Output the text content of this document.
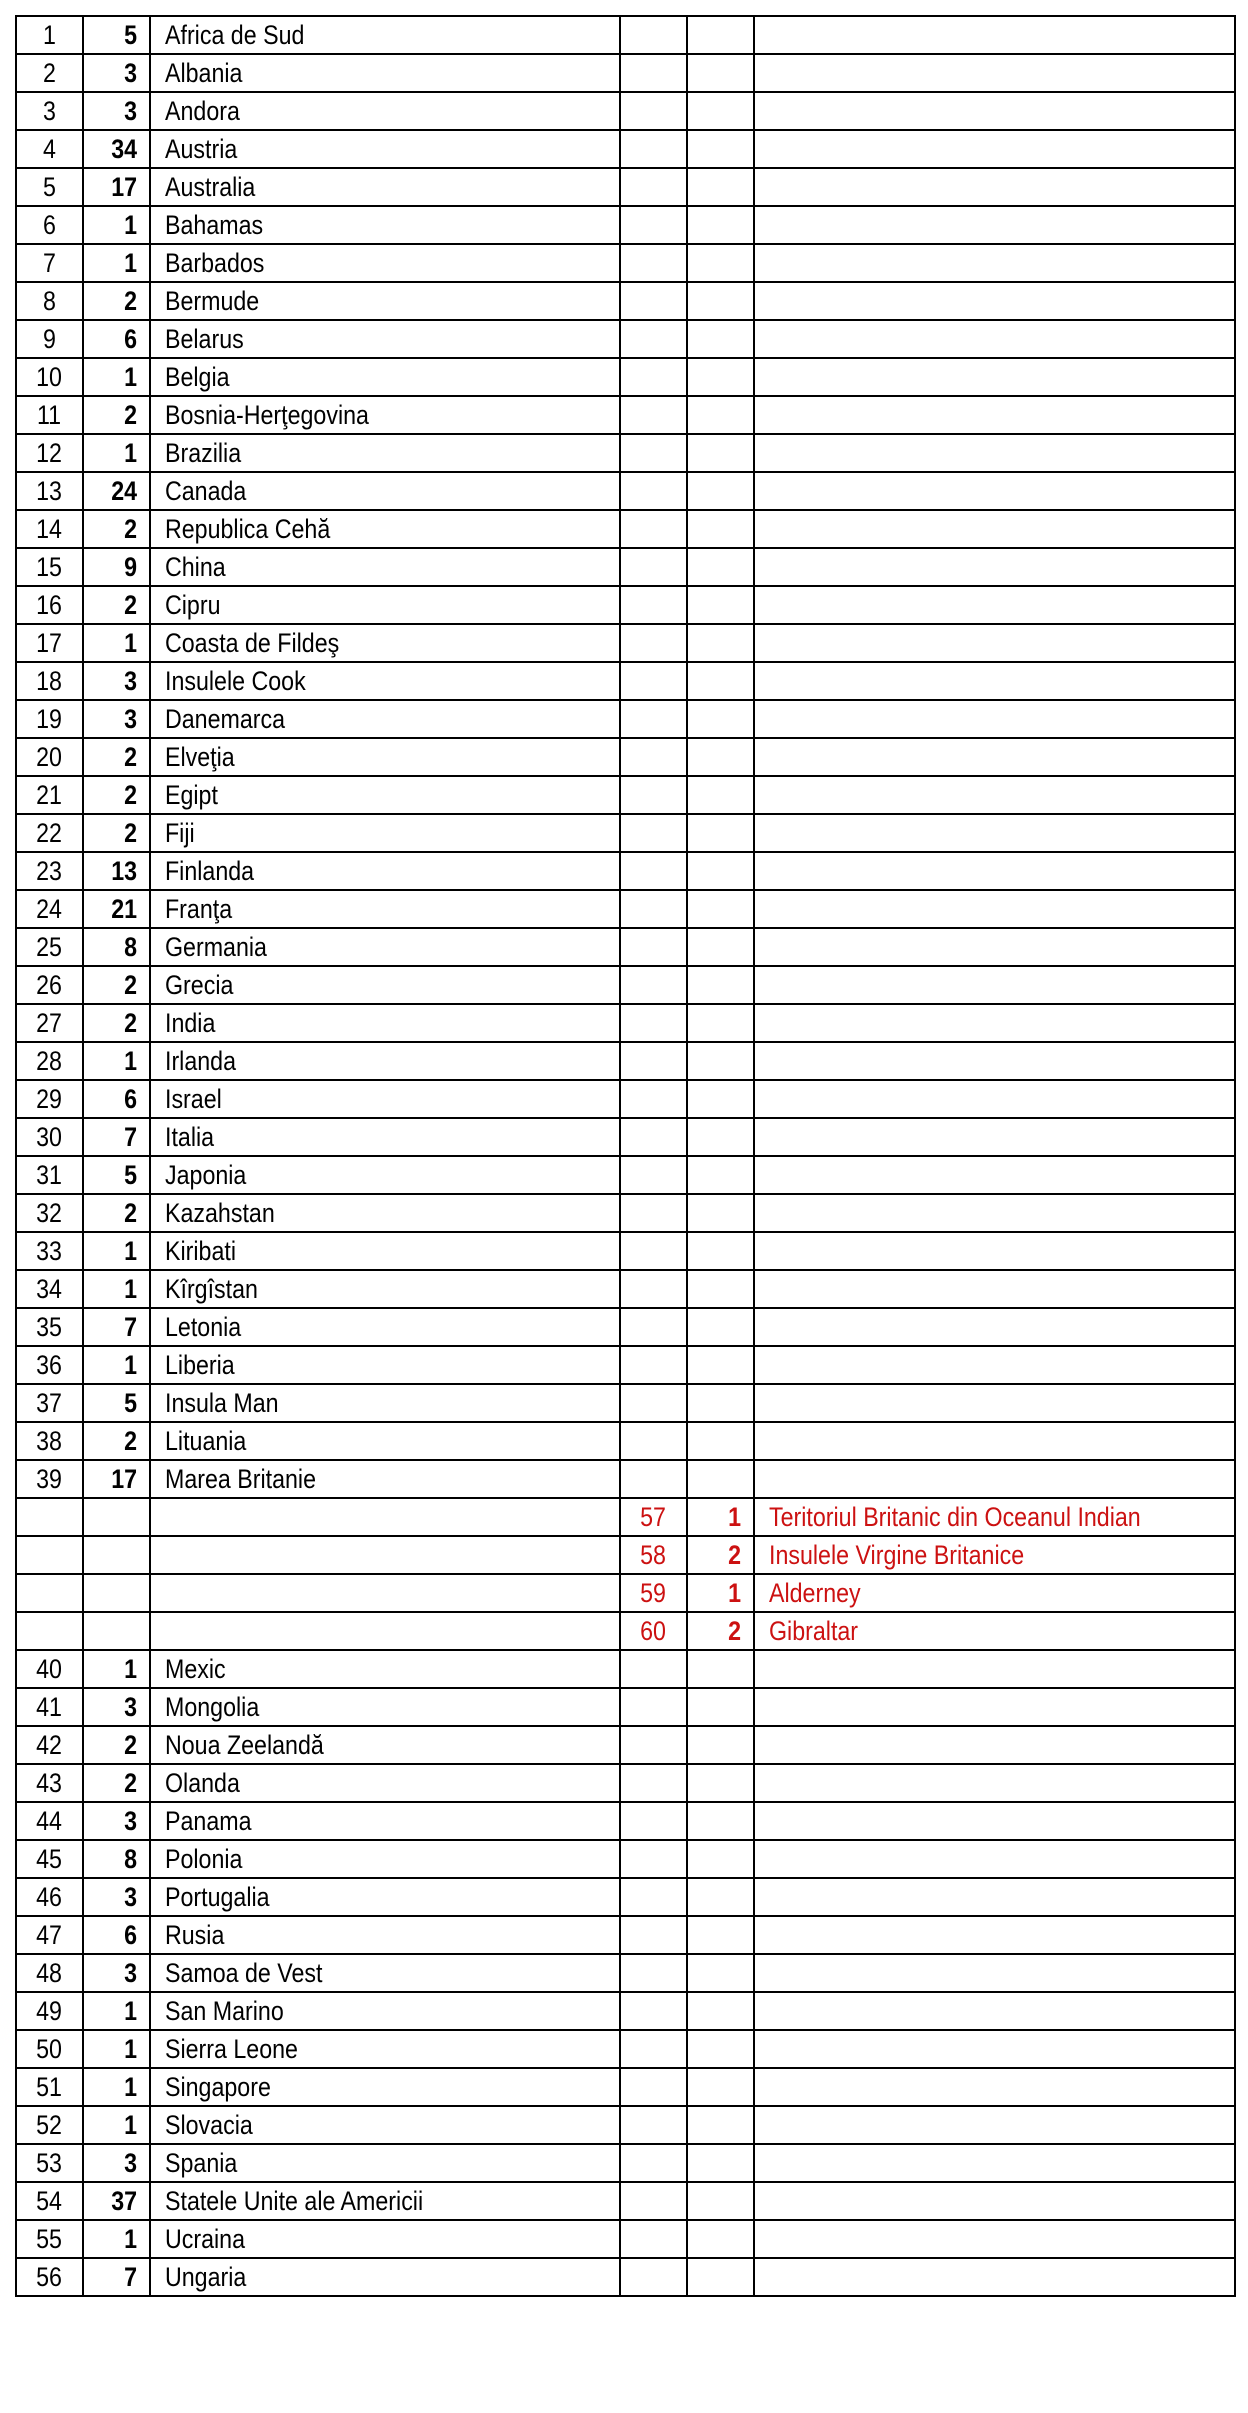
1	5	Africa de Sud			
2	3	Albania			
3	3	Andora			
4	34	Austria			
5	17	Australia			
6	1	Bahamas			
7	1	Barbados			
8	2	Bermude			
9	6	Belarus			
10	1	Belgia			
11	2	Bosnia-Herţegovina			
12	1	Brazilia			
13	24	Canada			
14	2	Republica Cehă			
15	9	China			
16	2	Cipru			
17	1	Coasta de Fildeş			
18	3	Insulele Cook			
19	3	Danemarca			
20	2	Elveţia			
21	2	Egipt			
22	2	Fiji			
23	13	Finlanda			
24	21	Franţa			
25	8	Germania			
26	2	Grecia			
27	2	India			
28	1	Irlanda			
29	6	Israel			
30	7	Italia			
31	5	Japonia			
32	2	Kazahstan			
33	1	Kiribati			
34	1	Kîrgîstan			
35	7	Letonia			
36	1	Liberia			
37	5	Insula Man			
38	2	Lituania			
39	17	Marea Britanie			
			57	1	Teritoriul Britanic din Oceanul Indian
			58	2	Insulele Virgine Britanice
			59	1	Alderney
			60	2	Gibraltar
40	1	Mexic			
41	3	Mongolia			
42	2	Noua Zeelandă			
43	2	Olanda			
44	3	Panama			
45	8	Polonia			
46	3	Portugalia			
47	6	Rusia			
48	3	Samoa de Vest			
49	1	San Marino			
50	1	Sierra Leone			
51	1	Singapore			
52	1	Slovacia			
53	3	Spania			
54	37	Statele Unite ale Americii			
55	1	Ucraina			
56	7	Ungaria			
